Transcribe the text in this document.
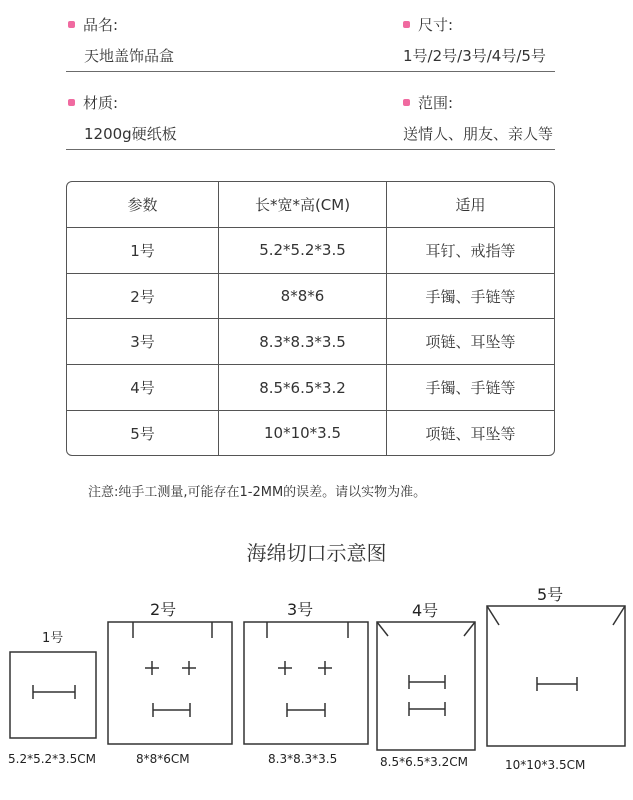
品名:
天地盖饰品盒
尺寸:
1号/2号/3号/4号/5号
材质:
1200g硬纸板
范围:
送情人、朋友、亲人等
参数	长*宽*高(CM)	适用
1号	5.2*5.2*3.5	耳钉、戒指等
2号	8*8*6	手镯、手链等
3号	8.3*8.3*3.5	项链、耳坠等
4号	8.5*6.5*3.2	手镯、手链等
5号	10*10*3.5	项链、耳坠等
注意:纯手工测量,可能存在1-2MM的误差。请以实物为准。
海绵切口示意图
1号
2号	3号	4号
5号
5.2*5.2*3.5CM	8*8*6CM	8.3*8.3*3.5	8.5*6.5*3.2CM	10*10*3.5CM
